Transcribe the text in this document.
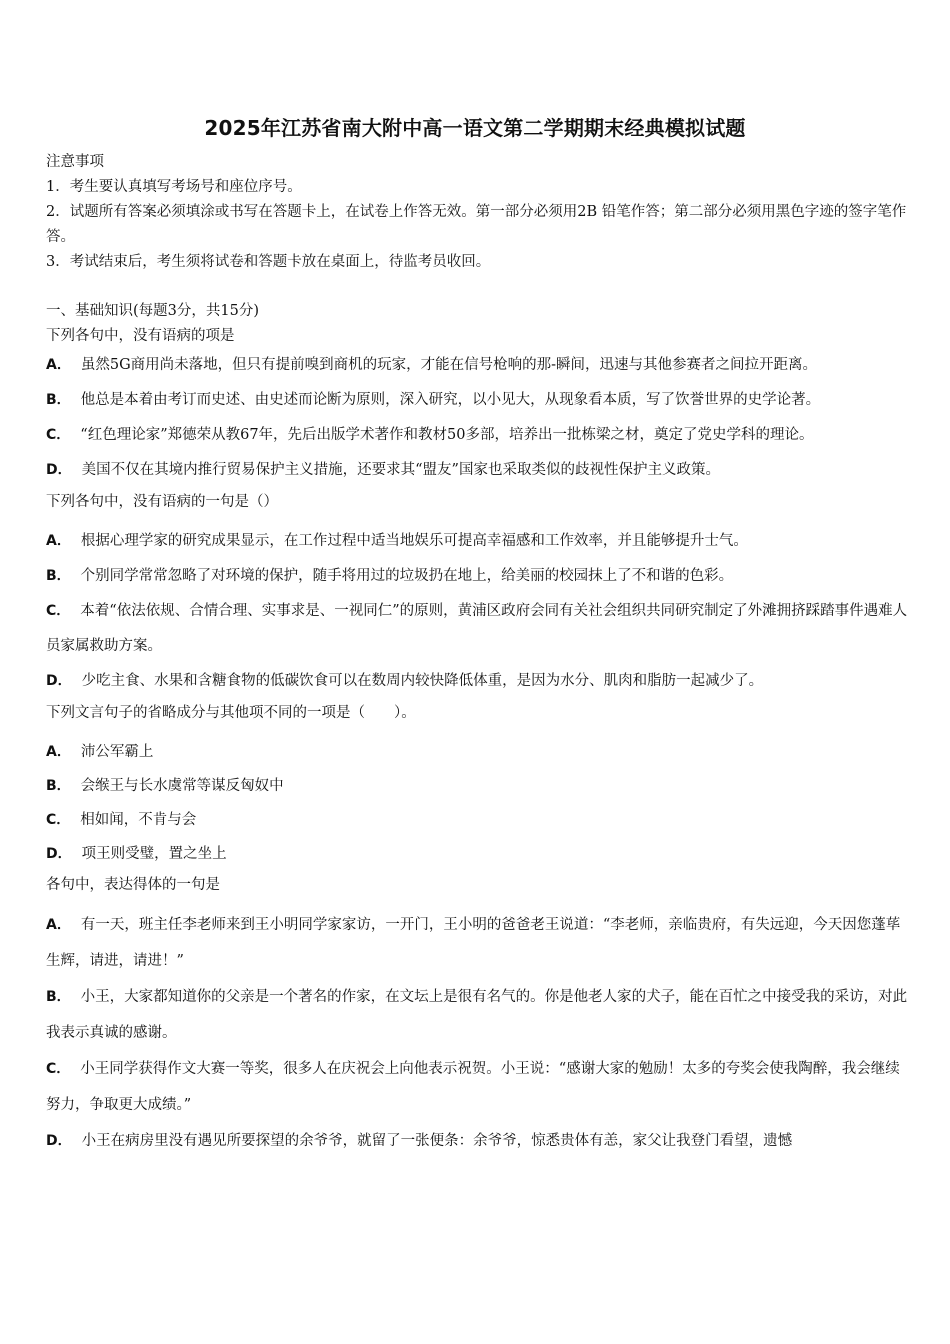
2025年江苏省南大附中高一语文第二学期期末经典模拟试题

注意事项

1．考生要认真填写考场号和座位序号。

2．试题所有答案必须填涂或书写在答题卡上，在试卷上作答无效。第一部分必须用2B 铅笔作答；第二部分必须用黑色字迹的签字笔作答。

3．考试结束后，考生须将试卷和答题卡放在桌面上，待监考员收回。

一、基础知识(每题3分，共15分)

下列各句中，没有语病的项是

A． 虽然5G商用尚未落地，但只有提前嗅到商机的玩家，才能在信号枪响的那-瞬间，迅速与其他参赛者之间拉开距离。

B． 他总是本着由考订而史述、由史述而论断为原则，深入研究，以小见大，从现象看本质，写了饮誉世界的史学论著。

C． “红色理论家”郑德荣从教67年，先后出版学术著作和教材50多部，培养出一批栋梁之材，奠定了党史学科的理论。

D． 美国不仅在其境内推行贸易保护主义措施，还要求其“盟友”国家也采取类似的歧视性保护主义政策。

下列各句中，没有语病的一句是（）

A． 根据心理学家的研究成果显示，在工作过程中适当地娱乐可提高幸福感和工作效率，并且能够提升士气。

B． 个别同学常常忽略了对环境的保护，随手将用过的垃圾扔在地上，给美丽的校园抹上了不和谐的色彩。

C． 本着“依法依规、合情合理、实事求是、一视同仁”的原则，黄浦区政府会同有关社会组织共同研究制定了外滩拥挤踩踏事件遇难人员家属救助方案。

D． 少吃主食、水果和含糖食物的低碳饮食可以在数周内较快降低体重，是因为水分、肌肉和脂肪一起减少了。

下列文言句子的省略成分与其他项不同的一项是（　　）。

A． 沛公军霸上

B． 会缑王与长水虞常等谋反匈奴中

C． 相如闻，不肯与会

D． 项王则受璧，置之坐上

各句中，表达得体的一句是

A． 有一天，班主任李老师来到王小明同学家家访，一开门，王小明的爸爸老王说道：“李老师，亲临贵府，有失远迎，今天因您蓬荜生辉，请进，请进！”

B． 小王，大家都知道你的父亲是一个著名的作家，在文坛上是很有名气的。你是他老人家的犬子，能在百忙之中接受我的采访，对此我表示真诚的感谢。

C． 小王同学获得作文大赛一等奖，很多人在庆祝会上向他表示祝贺。小王说：“感谢大家的勉励！太多的夸奖会使我陶醉，我会继续努力，争取更大成绩。”

D． 小王在病房里没有遇见所要探望的余爷爷，就留了一张便条：余爷爷，惊悉贵体有恙，家父让我登门看望，遗憾
